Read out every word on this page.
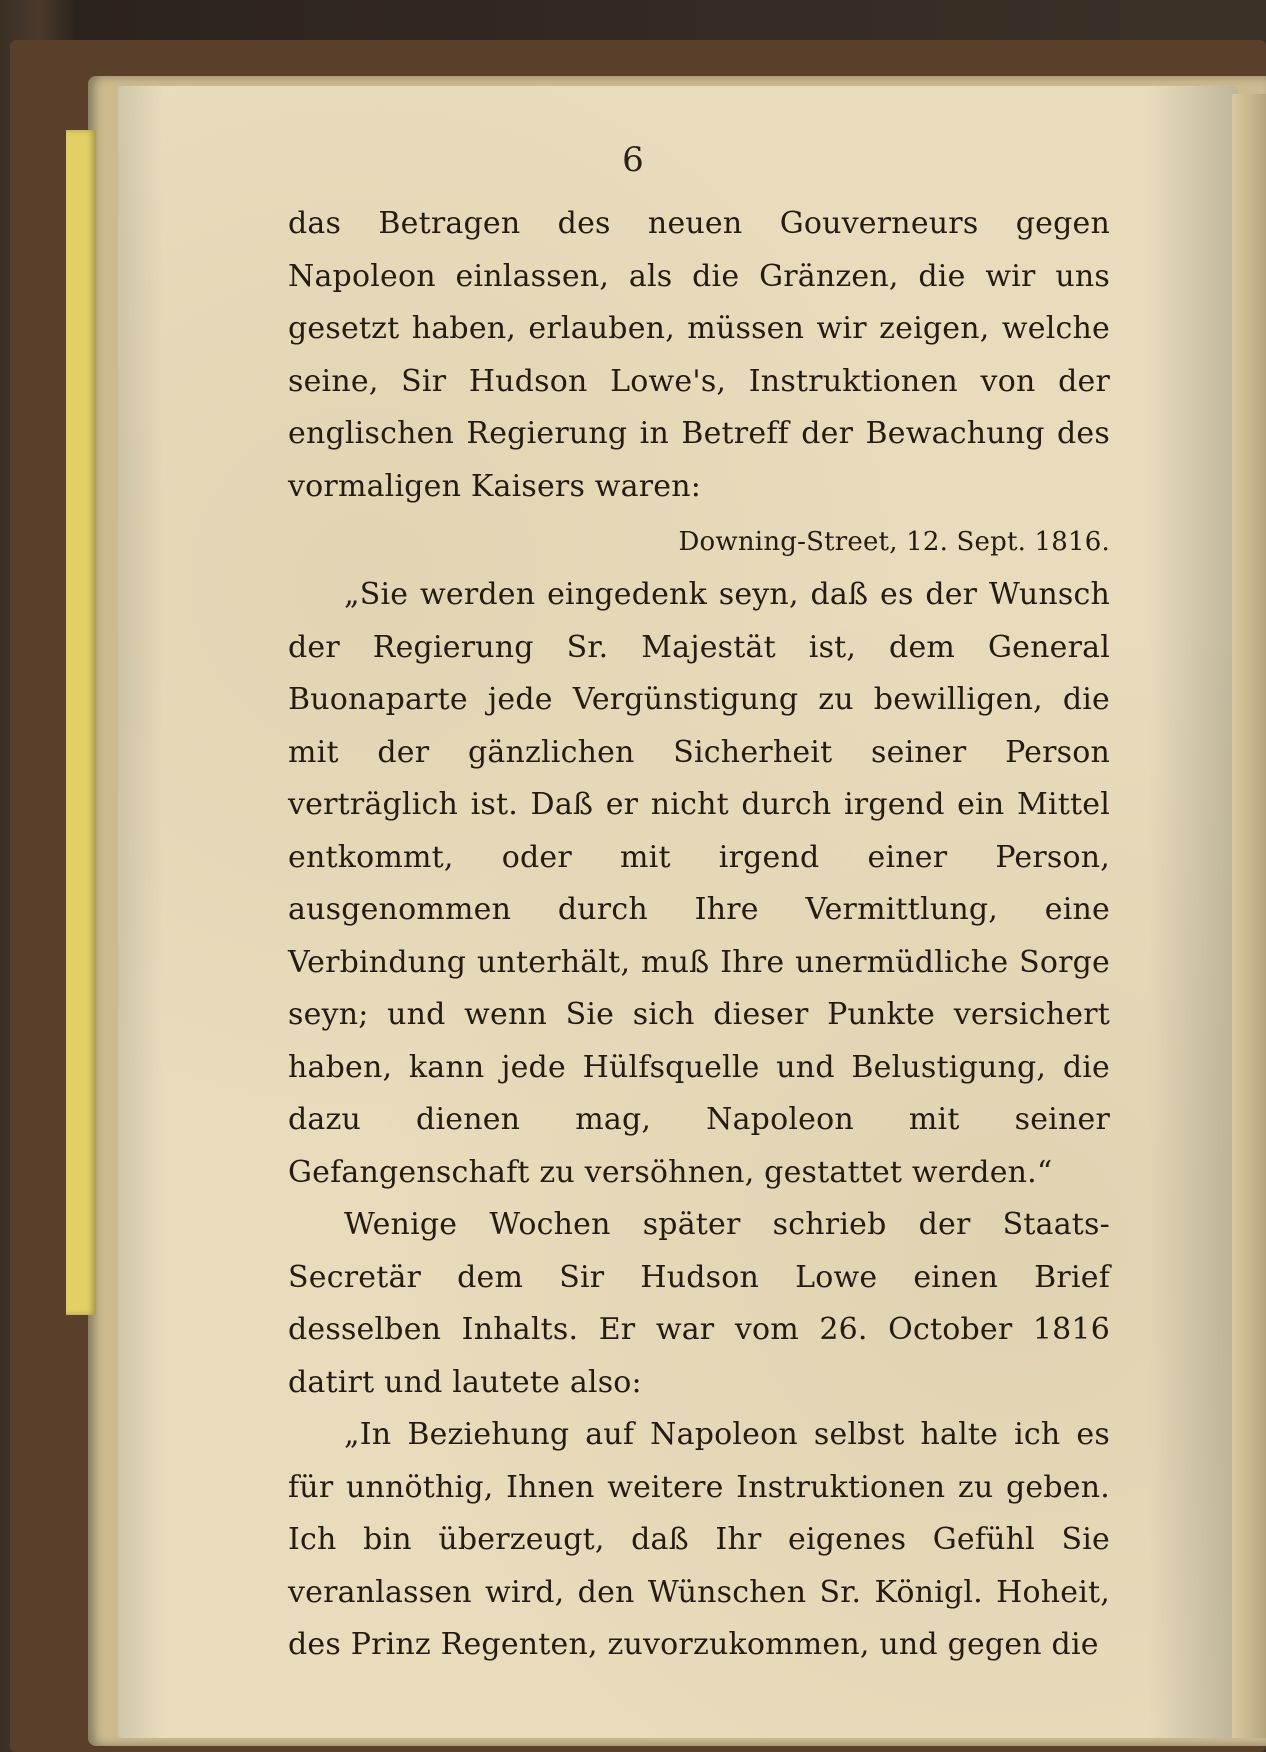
6

das Betragen des neuen Gouverneurs gegen Napoleon einlassen, als die Gränzen, die wir uns gesetzt haben, erlauben, müssen wir zeigen, welche seine, Sir Hudson Lowe's, Instruktionen von der englischen Regierung in Betreff der Bewachung des vormaligen Kaisers waren:

Downing-Street, 12. Sept. 1816.

„Sie werden eingedenk seyn, daß es der Wunsch der Regierung Sr. Majestät ist, dem General Buonaparte jede Vergünstigung zu bewilligen, die mit der gänzlichen Sicherheit seiner Person verträglich ist. Daß er nicht durch irgend ein Mittel entkommt, oder mit irgend einer Person, ausgenommen durch Ihre Vermittlung, eine Verbindung unterhält, muß Ihre unermüdliche Sorge seyn; und wenn Sie sich dieser Punkte versichert haben, kann jede Hülfsquelle und Belustigung, die dazu dienen mag, Napoleon mit seiner Gefangenschaft zu versöhnen, gestattet werden.“

Wenige Wochen später schrieb der Staats-Secretär dem Sir Hudson Lowe einen Brief desselben Inhalts. Er war vom 26. October 1816 datirt und lautete also:

„In Beziehung auf Napoleon selbst halte ich es für unnöthig, Ihnen weitere Instruktionen zu geben. Ich bin überzeugt, daß Ihr eigenes Gefühl Sie veranlassen wird, den Wünschen Sr. Königl. Hoheit, des Prinz Regenten, zuvorzukommen, und gegen die
